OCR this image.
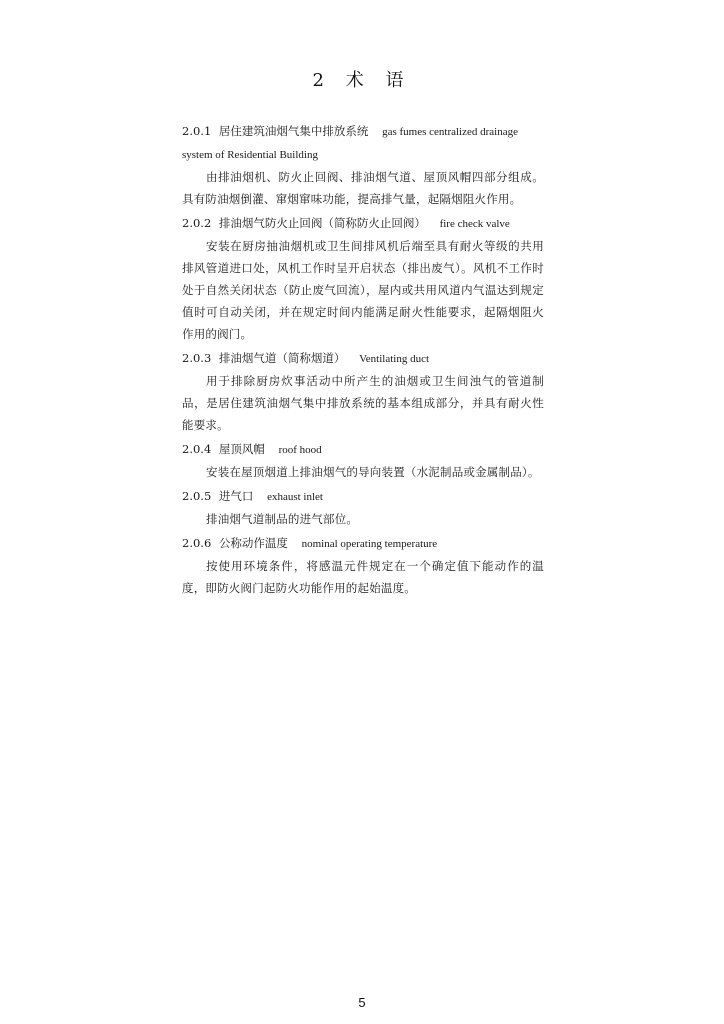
2 术 语

2.0.1 居住建筑油烟气集中排放系统 gas fumes centralized drainage system of Residential Building

由排油烟机、防火止回阀、排油烟气道、屋顶风帽四部分组成。具有防油烟倒灌、窜烟窜味功能，提高排气量，起隔烟阻火作用。

2.0.2 排油烟气防火止回阀（简称防火止回阀） fire check valve

安装在厨房抽油烟机或卫生间排风机后端至具有耐火等级的共用排风管道进口处，风机工作时呈开启状态（排出废气）。风机不工作时处于自然关闭状态（防止废气回流），屋内或共用风道内气温达到规定值时可自动关闭，并在规定时间内能满足耐火性能要求，起隔烟阻火作用的阀门。

2.0.3 排油烟气道（简称烟道） Ventilating duct

用于排除厨房炊事活动中所产生的油烟或卫生间浊气的管道制品，是居住建筑油烟气集中排放系统的基本组成部分，并具有耐火性能要求。

2.0.4 屋顶风帽 roof hood

安装在屋顶烟道上排油烟气的导向装置（水泥制品或金属制品）。

2.0.5 进气口 exhaust inlet

排油烟气道制品的进气部位。

2.0.6 公称动作温度 nominal operating temperature

按使用环境条件，将感温元件规定在一个确定值下能动作的温度，即防火阀门起防火功能作用的起始温度。

5
